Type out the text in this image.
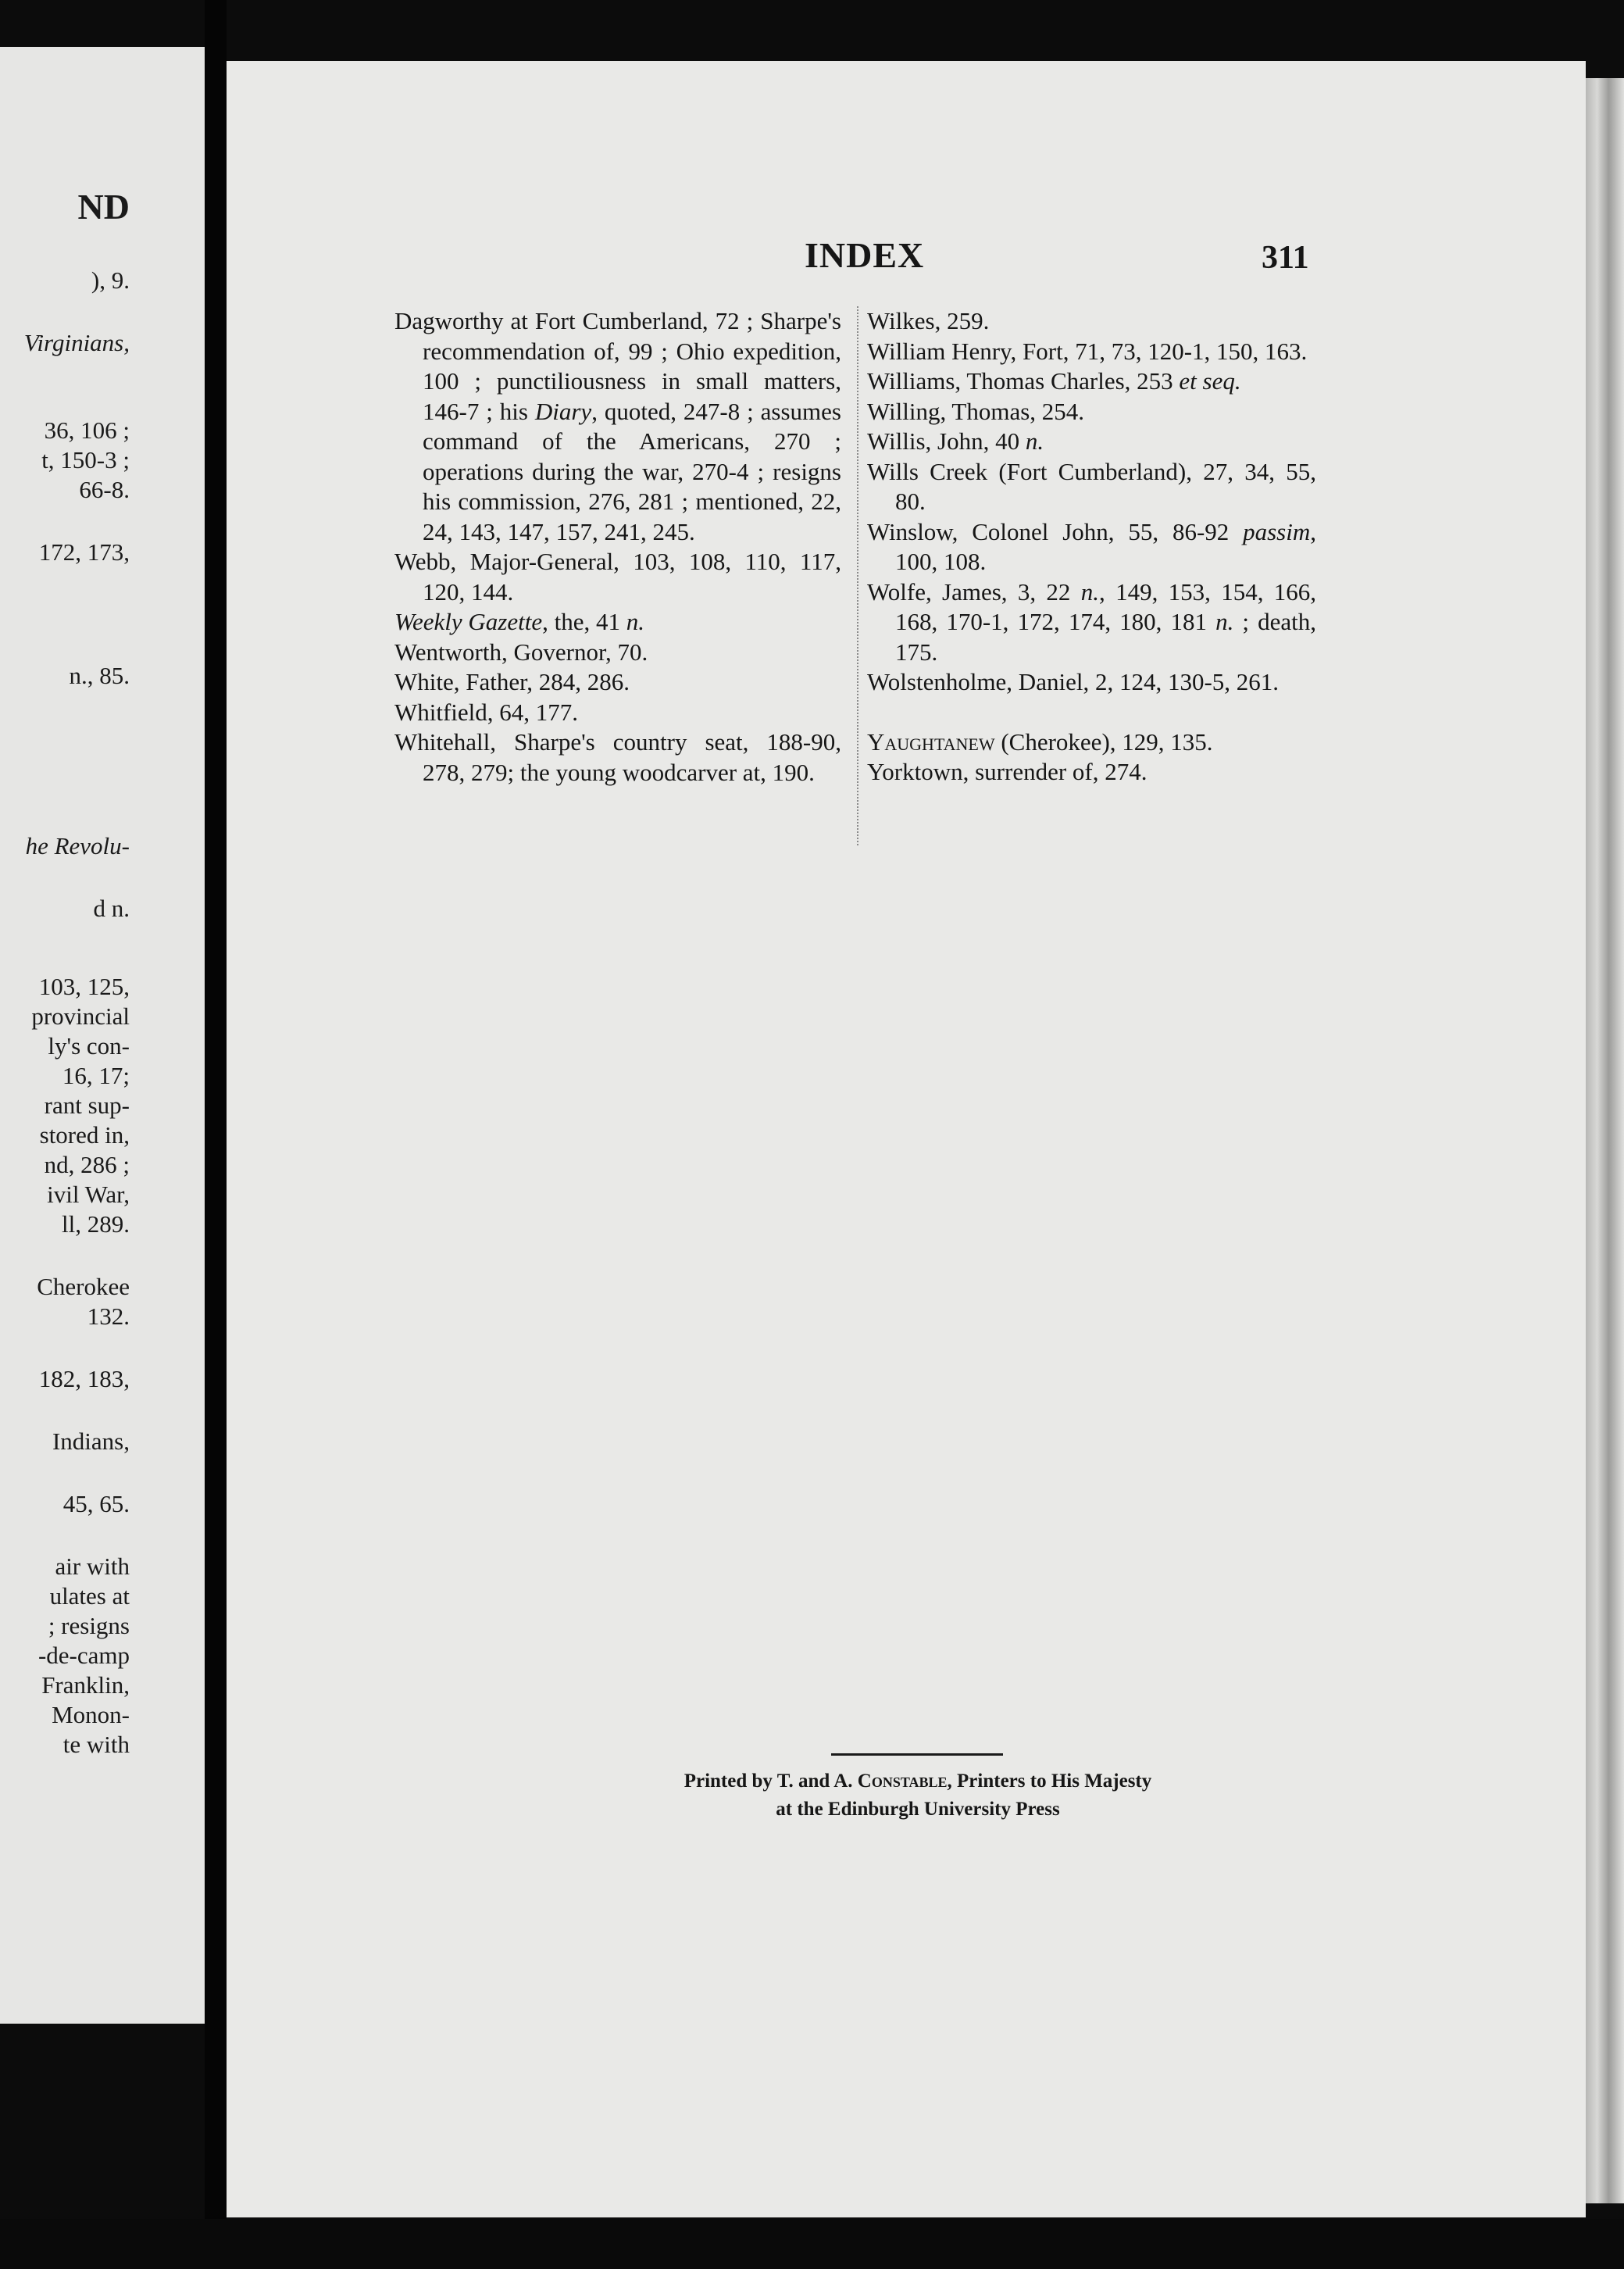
ND
), 9.
Virginians,
36, 106 ;
t, 150-3 ;
66-8.
172, 173,
n., 85.
he Revolu-
d n.
103, 125,
provincial
ly's con-
16, 17;
rant sup-
stored in,
nd, 286 ;
ivil War,
ll, 289.
Cherokee
132.
182, 183,
Indians,
45, 65.
air with
ulates at
; resigns
-de-camp
Franklin,
Monon-
te with
INDEX	311

Dagworthy at Fort Cumberland, 72 ; Sharpe's recommendation of, 99 ; Ohio expedition, 100 ; punctiliousness in small matters, 146-7 ; his Diary, quoted, 247-8 ; assumes command of the Americans, 270 ; operations during the war, 270-4 ; resigns his commission, 276, 281 ; mentioned, 22, 24, 143, 147, 157, 241, 245.

Webb, Major-General, 103, 108, 110, 117, 120, 144.

Weekly Gazette, the, 41 n.

Wentworth, Governor, 70.

White, Father, 284, 286.

Whitfield, 64, 177.

Whitehall, Sharpe's country seat, 188-90, 278, 279; the young woodcarver at, 190.

Wilkes, 259.

William Henry, Fort, 71, 73, 120-1, 150, 163.

Williams, Thomas Charles, 253 et seq.

Willing, Thomas, 254.

Willis, John, 40 n.

Wills Creek (Fort Cumberland), 27, 34, 55, 80.

Winslow, Colonel John, 55, 86-92 passim, 100, 108.

Wolfe, James, 3, 22 n., 149, 153, 154, 166, 168, 170-1, 172, 174, 180, 181 n. ; death, 175.

Wolstenholme, Daniel, 2, 124, 130-5, 261.

Yaughtanew (Cherokee), 129, 135.

Yorktown, surrender of, 274.

Printed by T. and A. Constable, Printers to His Majesty
at the Edinburgh University Press
